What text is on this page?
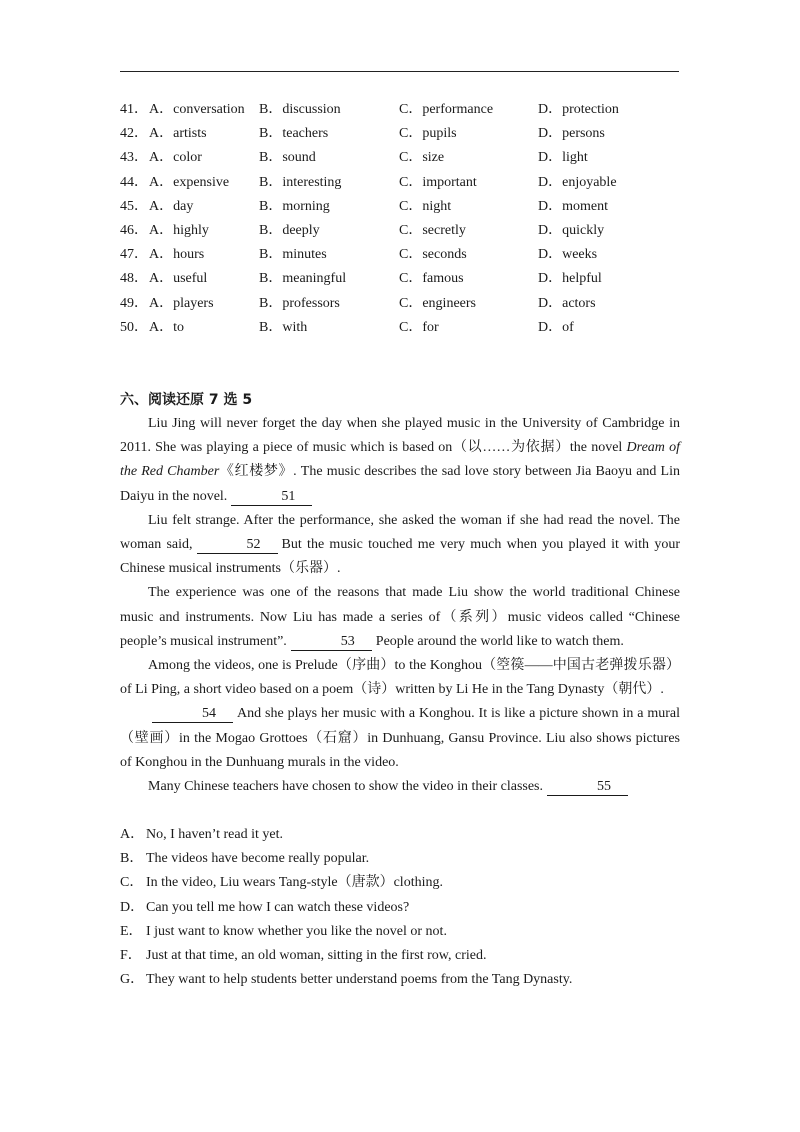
41． A．conversation B．discussion	C．performance	D．protection
42． A．artists	B．teachers	C．pupils	D．persons
43． A．color	B．sound	C．size	D．light
44． A．expensive B．interesting	C．important	D．enjoyable
45． A．day	B．morning	C．night	D．moment
46． A．highly	B．deeply	C．secretly	D．quickly
47． A．hours	B．minutes	C．seconds	D．weeks
48． A．useful	B．meaningful	C．famous	D．helpful
49． A．players	B．professors	C．engineers	D．actors
50． A．to	B．with	C．for	D．of
六、阅读还原 7 选 5

Liu Jing will never forget the day when she played music in the University of Cambridge in 2011. She was playing a piece of music which is based on（以……为依据）the novel Dream of the Red Chamber《红楼梦》. The music describes the sad love story between Jia Baoyu and Lin Daiyu in the novel.	51

Liu felt strange. After the performance, she asked the woman if she had read the novel. The woman said,	52 But the music touched me very much when you played it with your Chinese musical instruments（乐器）.

The experience was one of the reasons that made Liu show the world traditional Chinese music and instruments. Now Liu has made a series of（系列）music videos called “Chinese people’s musical instrument”.	53 People around the world like to watch them.

Among the videos, one is Prelude（序曲）to the Konghou（箜篌——中国古老弹拨乐器）of Li Ping, a short video based on a poem（诗）written by Li He in the Tang Dynasty（朝代）.

54 And she plays her music with a Konghou. It is like a picture shown in a mural（壁画）in the Mogao Grottoes（石窟）in Dunhuang, Gansu Province. Liu also shows pictures of Konghou in the Dunhuang murals in the video.

Many Chinese teachers have chosen to show the video in their classes.	55

A． No, I haven’t read it yet.
B． The videos have become really popular.
C． In the video, Liu wears Tang-style（唐款）clothing.
D． Can you tell me how I can watch these videos?
E． I just want to know whether you like the novel or not.
F． Just at that time, an old woman, sitting in the first row, cried.
G． They want to help students better understand poems from the Tang Dynasty.
